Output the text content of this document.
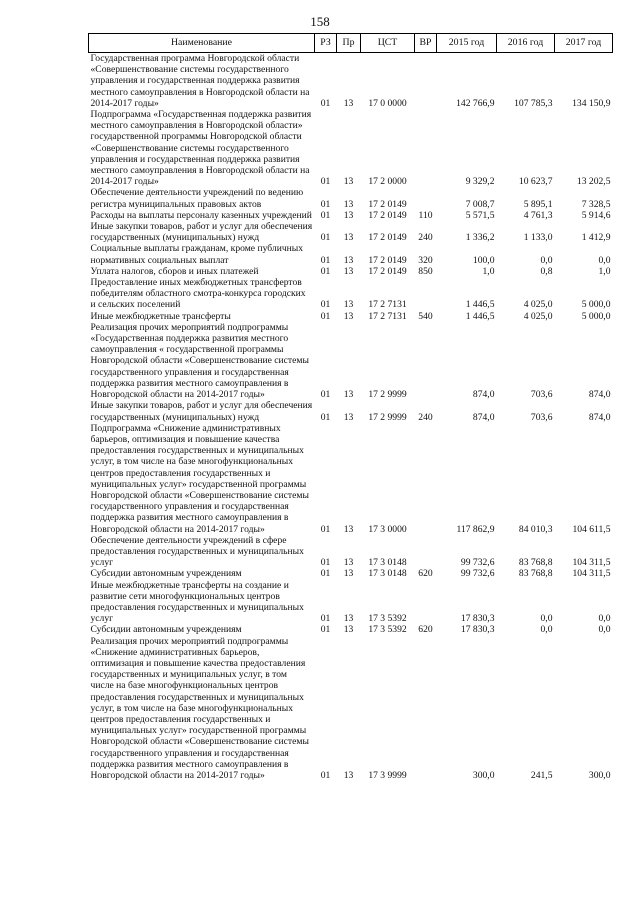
158
Наименование	РЗ	Пр	ЦСТ	ВР	2015 год	2016 год	2017 год
Государственная программа Новгородской области «Совершенствование системы государственного управления и государственная поддержка развития местного самоуправления в Новгородской области на 2014-2017 годы»	01	13	17 0 0000		142 766,9	107 785,3	134 150,9
Подпрограмма «Государственная поддержка развития местного самоуправления в Новгородской области» государственной программы Новгородской области «Совершенствование системы государственного управления и государственная поддержка развития местного самоуправления в Новгородской области на 2014-2017 годы»	01	13	17 2 0000		9 329,2	10 623,7	13 202,5
Обеспечение деятельности учреждений по ведению регистра муниципальных правовых актов	01	13	17 2 0149		7 008,7	5 895,1	7 328,5
Расходы на выплаты персоналу казенных учреждений	01	13	17 2 0149	110	5 571,5	4 761,3	5 914,6
Иные закупки товаров, работ и услуг для обеспечения государственных (муниципальных) нужд	01	13	17 2 0149	240	1 336,2	1 133,0	1 412,9
Социальные выплаты гражданам, кроме публичных нормативных социальных выплат	01	13	17 2 0149	320	100,0	0,0	0,0
Уплата налогов, сборов и иных платежей	01	13	17 2 0149	850	1,0	0,8	1,0
Предоставление иных межбюджетных трансфертов победителям областного смотра-конкурса городских и сельских поселений	01	13	17 2 7131		1 446,5	4 025,0	5 000,0
Иные межбюджетные трансферты	01	13	17 2 7131	540	1 446,5	4 025,0	5 000,0
Реализация прочих мероприятий подпрограммы «Государственная поддержка развития местного самоуправления « государственной программы Новгородской области «Совершенствование системы государственного управления и государственная поддержка развития местного самоуправления в Новгородской области на 2014-2017 годы»	01	13	17 2 9999		874,0	703,6	874,0
Иные закупки товаров, работ и услуг для обеспечения государственных (муниципальных) нужд	01	13	17 2 9999	240	874,0	703,6	874,0
Подпрограмма «Снижение административных барьеров, оптимизация и повышение качества предоставления государственных и муниципальных услуг, в том числе на базе многофункциональных центров предоставления государственных и муниципальных услуг» государственной программы Новгородской области «Совершенствование системы государственного управления и государственная поддержка развития местного самоуправления в Новгородской области на 2014-2017 годы»	01	13	17 3 0000		117 862,9	84 010,3	104 611,5
Обеспечение деятельности учреждений в сфере предоставления государственных и муниципальных услуг	01	13	17 3 0148		99 732,6	83 768,8	104 311,5
Субсидии автономным учреждениям	01	13	17 3 0148	620	99 732,6	83 768,8	104 311,5
Иные межбюджетные трансферты на создание и развитие сети многофункциональных центров предоставления государственных и муниципальных услуг	01	13	17 3 5392		17 830,3	0,0	0,0
Субсидии автономным учреждениям	01	13	17 3 5392	620	17 830,3	0,0	0,0
Реализация прочих мероприятий подпрограммы «Снижение административных барьеров, оптимизация и повышение качества предоставления государственных и муниципальных услуг, в том числе на базе многофункциональных центров предоставления государственных и муниципальных услуг, в том числе на базе многофункциональных центров предоставления государственных и муниципальных услуг» государственной программы Новгородской области «Совершенствование системы государственного управления и государственная поддержка развития местного самоуправления в Новгородской области на 2014-2017 годы»	01	13	17 3 9999		300,0	241,5	300,0
